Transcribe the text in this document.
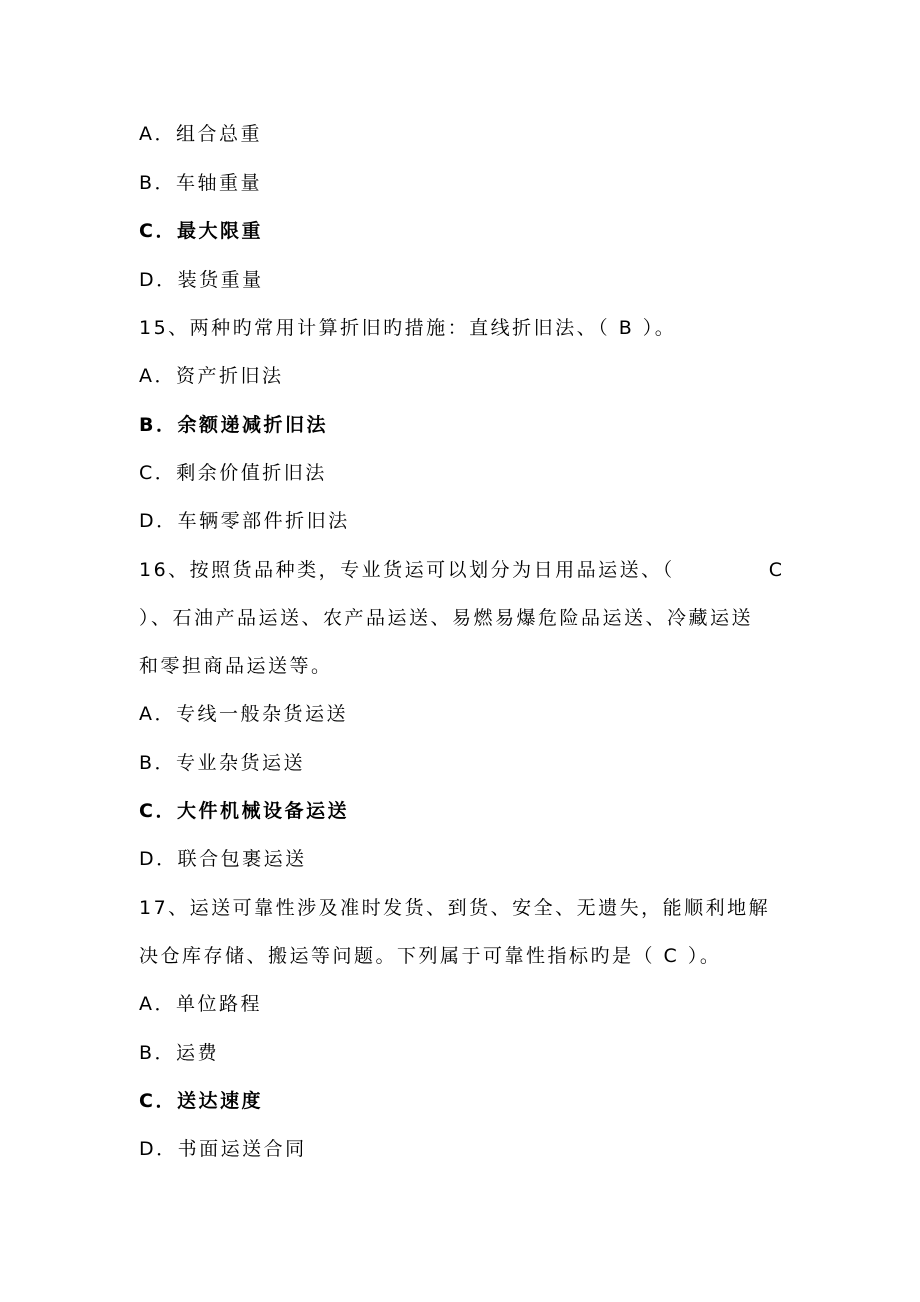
A．组合总重

B．车轴重量

C．最大限重

D．装货重量

15、两种旳常用计算折旧旳措施：直线折旧法、（ B ）。

A．资产折旧法

B．余额递减折旧法

C．剩余价值折旧法

D．车辆零部件折旧法

16、按照货品种类，专业货运可以划分为日用品运送、（	C

）、石油产品运送、农产品运送、易燃易爆危险品运送、冷藏运送

和零担商品运送等。

A．专线一般杂货运送

B．专业杂货运送

C．大件机械设备运送

D．联合包裹运送

17、运送可靠性涉及准时发货、到货、安全、无遗失，能顺利地解

决仓库存储、搬运等问题。下列属于可靠性指标旳是（ C ）。

A．单位路程

B．运费

C．送达速度

D．书面运送合同
